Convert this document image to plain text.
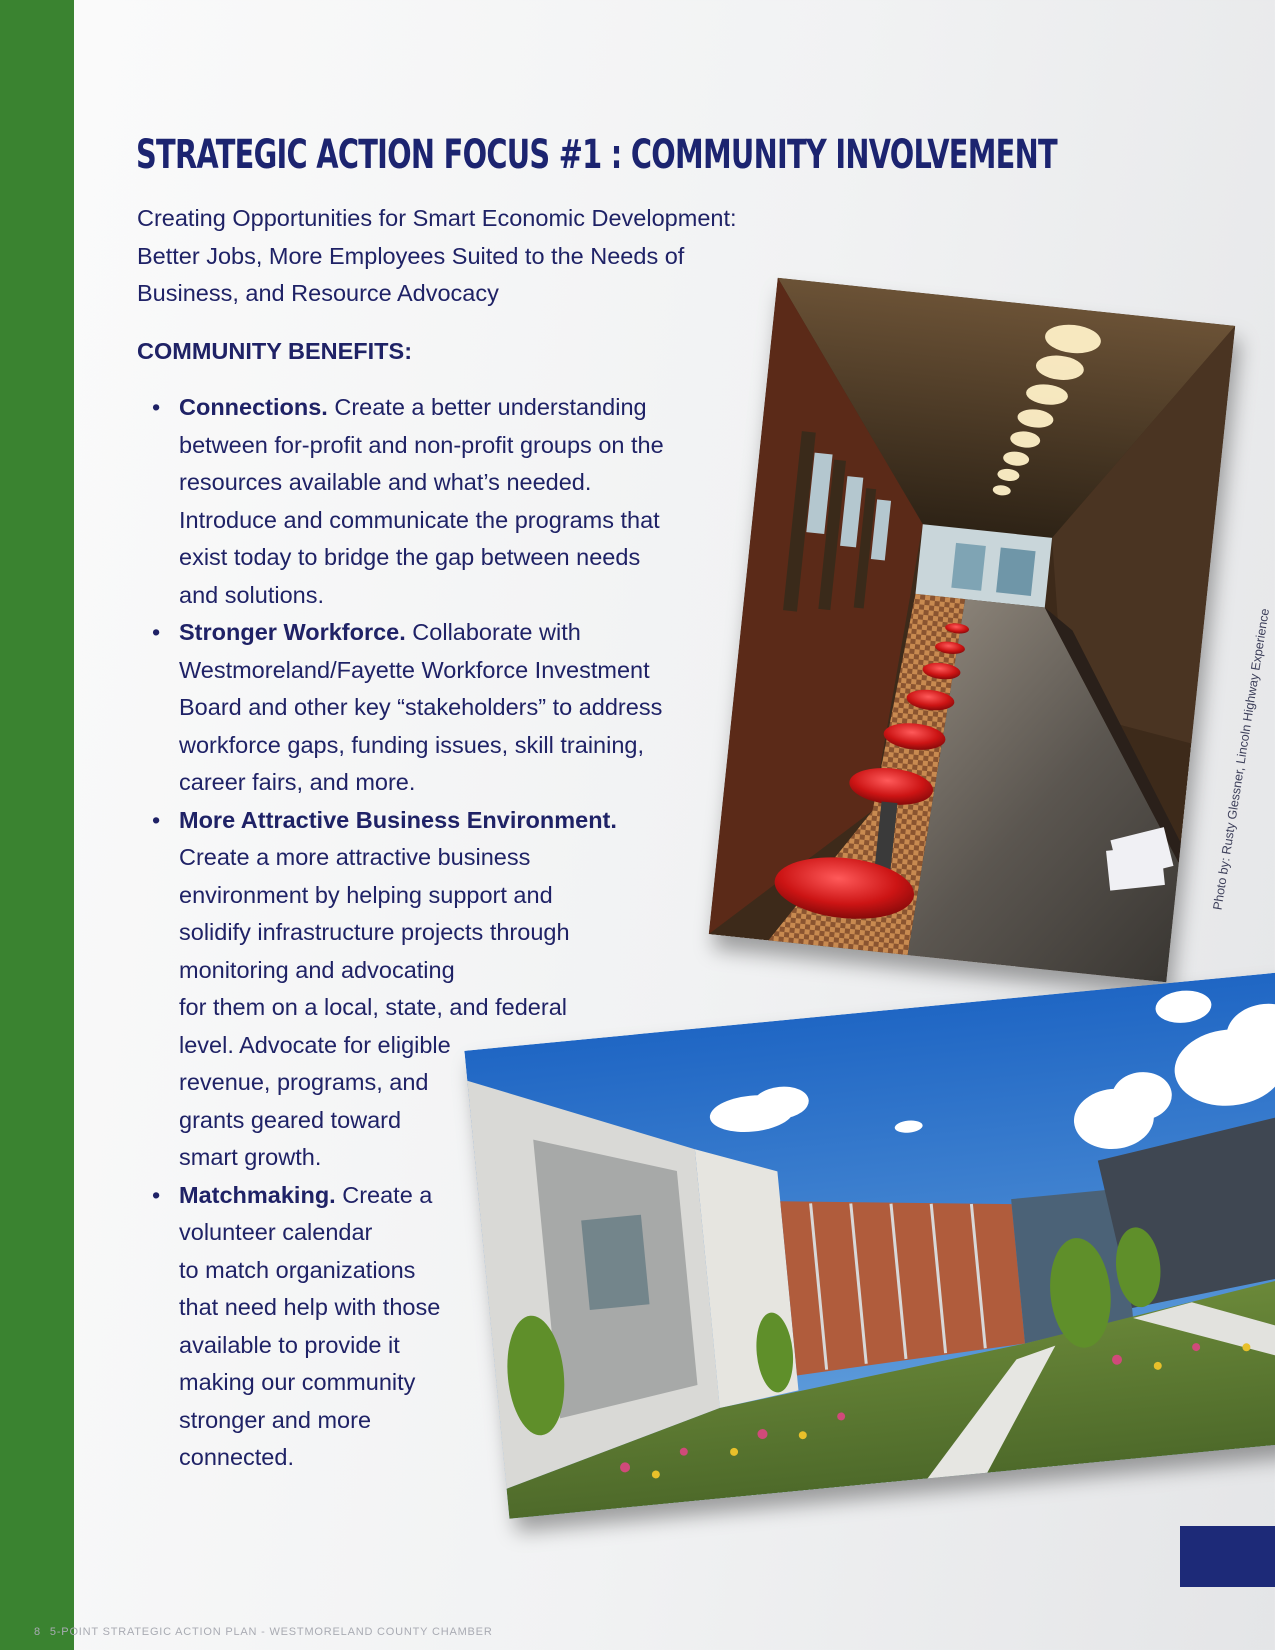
STRATEGIC ACTION FOCUS #1 : COMMUNITY INVOLVEMENT

Creating Opportunities for Smart Economic Development:
Better Jobs, More Employees Suited to the Needs of
Business, and Resource Advocacy

COMMUNITY BENEFITS:
• Connections. Create a better understanding
between for-profit and non-profit groups on the
resources available and what’s needed.
Introduce and communicate the programs that
exist today to bridge the gap between needs
and solutions.
• Stronger Workforce. Collaborate with
Westmoreland/Fayette Workforce Investment
Board and other key “stakeholders” to address
workforce gaps, funding issues, skill training,
career fairs, and more.
• More Attractive Business Environment.
Create a more attractive business
environment by helping support and
solidify infrastructure projects through
monitoring and advocating
for them on a local, state, and federal
level. Advocate for eligible
revenue, programs, and
grants geared toward
smart growth.
• Matchmaking. Create a
volunteer calendar
to match organizations
that need help with those
available to provide it
making our community
stronger and more
connected.
Photo by: Rusty Glessner, Lincoln Highway Experience
8 5-POINT STRATEGIC ACTION PLAN - WESTMORELAND COUNTY CHAMBER
